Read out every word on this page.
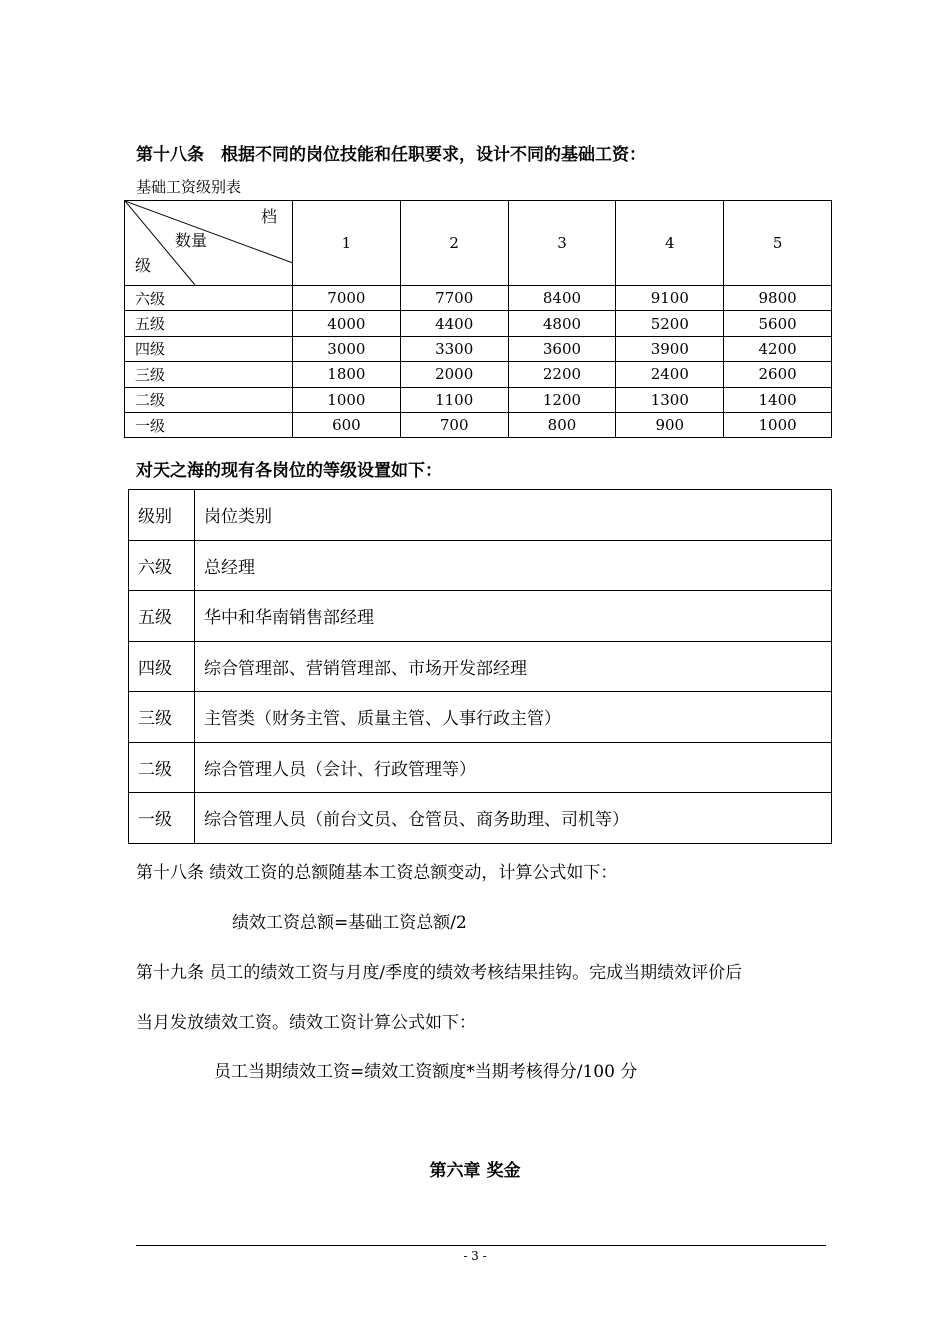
第十八条　根据不同的岗位技能和任职要求，设计不同的基础工资：
基础工资级别表
档
数量
级	1	2	3	4	5
六级	7000	7700	8400	9100	9800
五级	4000	4400	4800	5200	5600
四级	3000	3300	3600	3900	4200
三级	1800	2000	2200	2400	2600
二级	1000	1100	1200	1300	1400
一级	600	700	800	900	1000
对天之海的现有各岗位的等级设置如下：
级别	岗位类别
六级	总经理
五级	华中和华南销售部经理
四级	综合管理部、营销管理部、市场开发部经理
三级	主管类（财务主管、质量主管、人事行政主管）
二级	综合管理人员（会计、行政管理等）
一级	综合管理人员（前台文员、仓管员、商务助理、司机等）
第十八条 绩效工资的总额随基本工资总额变动，计算公式如下：
绩效工资总额=基础工资总额/2
第十九条 员工的绩效工资与月度/季度的绩效考核结果挂钩。完成当期绩效评价后
当月发放绩效工资。绩效工资计算公式如下：
员工当期绩效工资=绩效工资额度*当期考核得分/100 分
第六章 奖金
- 3 -
